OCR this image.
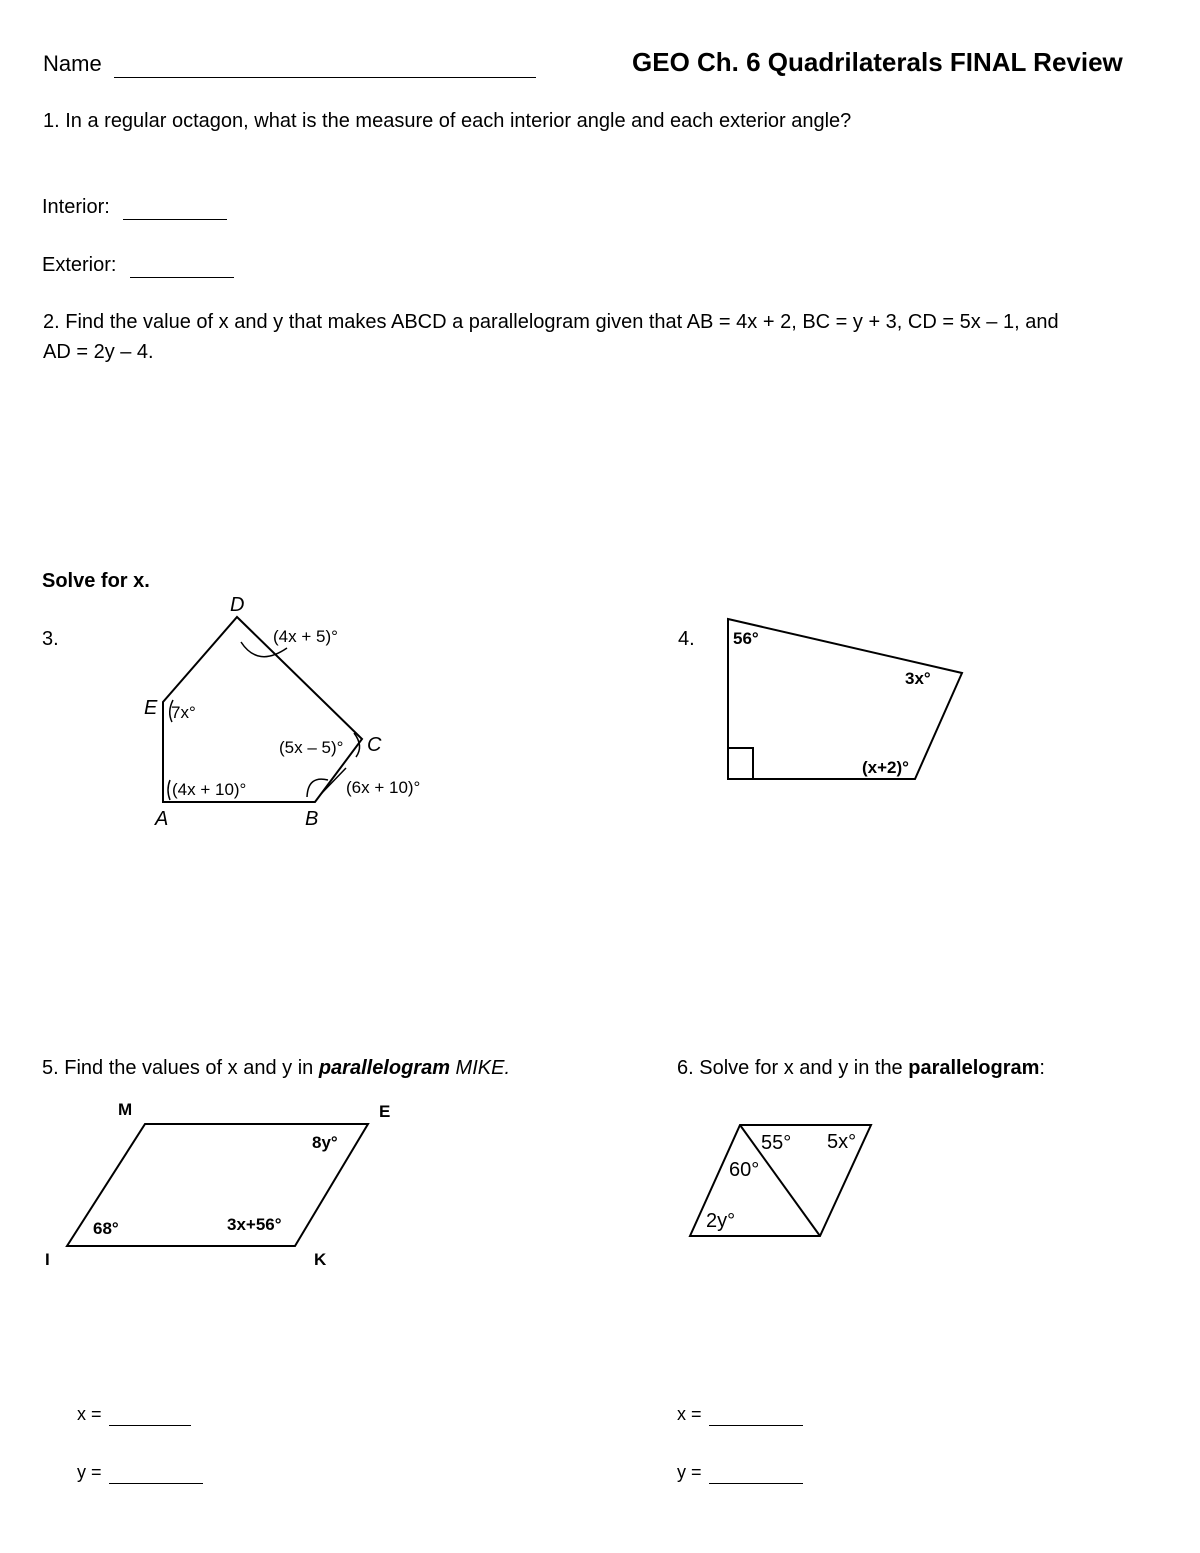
Name	GEO Ch. 6 Quadrilaterals FINAL Review
1. In a regular octagon, what is the measure of each interior angle and each exterior angle?
Interior:
Exterior:
2. Find the value of x and y that makes ABCD a parallelogram given that AB = 4x + 2, BC = y + 3, CD = 5x – 1, and
AD = 2y – 4.
Solve for x.
3.
D
E
C
A	B
(4x + 5)°
7x°
(5x – 5)°
(4x + 10)°	(6x + 10)°
56°
3x°
(x+2)°
M	E
I	K
68°	3x+56°
8y°	55° 5x°
60°
2y°
4.
5. Find the values of x and y in parallelogram MIKE.	6. Solve for x and y in the parallelogram:
x =
y =
x =
y =
